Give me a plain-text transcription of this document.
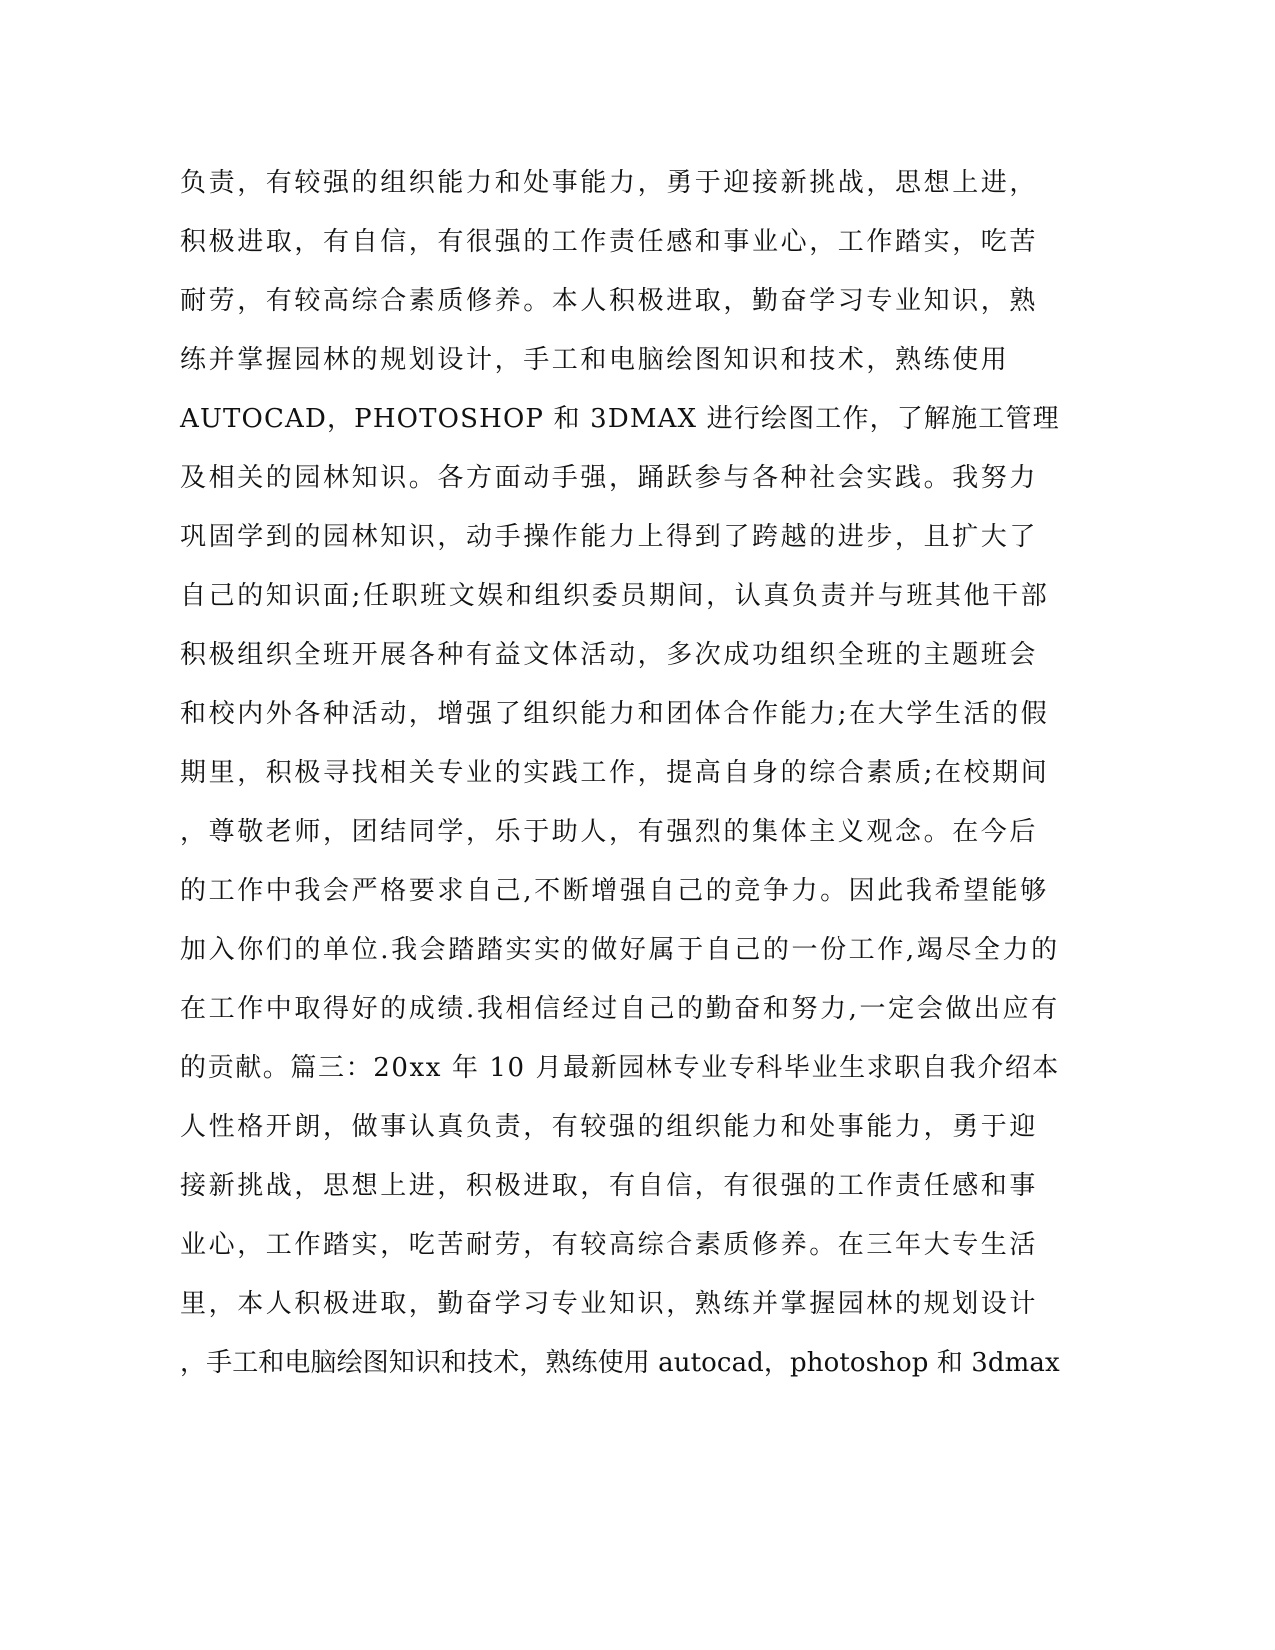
负责，有较强的组织能力和处事能力，勇于迎接新挑战，思想上进，
积极进取，有自信，有很强的工作责任感和事业心，工作踏实，吃苦
耐劳，有较高综合素质修养。本人积极进取，勤奋学习专业知识，熟
练并掌握园林的规划设计，手工和电脑绘图知识和技术，熟练使用
AUTOCAD，PHOTOSHOP 和 3DMAX 进行绘图工作，了解施工管理
及相关的园林知识。各方面动手强，踊跃参与各种社会实践。我努力
巩固学到的园林知识，动手操作能力上得到了跨越的进步，且扩大了
自己的知识面;任职班文娱和组织委员期间，认真负责并与班其他干部
积极组织全班开展各种有益文体活动，多次成功组织全班的主题班会
和校内外各种活动，增强了组织能力和团体合作能力;在大学生活的假
期里，积极寻找相关专业的实践工作，提高自身的综合素质;在校期间
，尊敬老师，团结同学，乐于助人，有强烈的集体主义观念。在今后
的工作中我会严格要求自己,不断增强自己的竞争力。因此我希望能够
加入你们的单位.我会踏踏实实的做好属于自己的一份工作,竭尽全力的
在工作中取得好的成绩.我相信经过自己的勤奋和努力,一定会做出应有
的贡献。篇三：20xx 年 10 月最新园林专业专科毕业生求职自我介绍本
人性格开朗，做事认真负责，有较强的组织能力和处事能力，勇于迎
接新挑战，思想上进，积极进取，有自信，有很强的工作责任感和事
业心，工作踏实，吃苦耐劳，有较高综合素质修养。在三年大专生活
里，本人积极进取，勤奋学习专业知识，熟练并掌握园林的规划设计
，手工和电脑绘图知识和技术，熟练使用 autocad，photoshop 和 3dmax
